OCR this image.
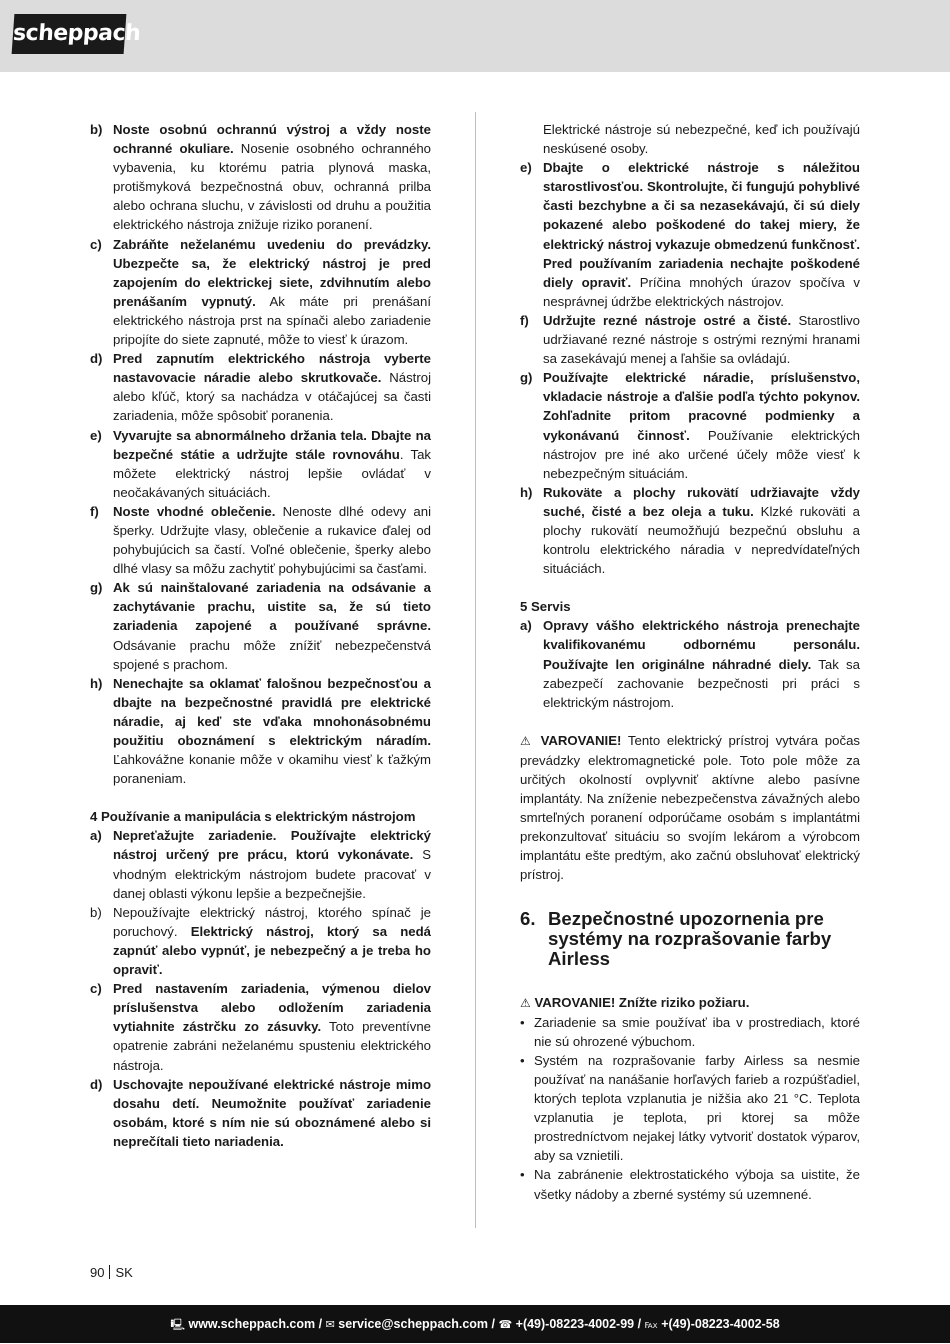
scheppach
b) Noste osobnú ochrannú výstroj a vždy noste ochranné okuliare. Nosenie osobného ochranného vybavenia, ku ktorému patria plynová maska, protišmyková bezpečnostná obuv, ochranná prilba alebo ochrana sluchu, v závislosti od druhu a použitia elektrického nástroja znižuje riziko poranení.
c) Zabráňte neželanému uvedeniu do prevádzky. Ubezpečte sa, že elektrický nástroj je pred zapojením do elektrickej siete, zdvihnutím alebo prenášaním vypnutý. Ak máte pri prenášaní elektrického nástroja prst na spínači alebo zariadenie pripojíte do siete zapnuté, môže to viesť k úrazom.
d) Pred zapnutím elektrického nástroja vyberte nastavovacie náradie alebo skrutkovače. Nástroj alebo kľúč, ktorý sa nachádza v otáčajúcej sa časti zariadenia, môže spôsobiť poranenia.
e) Vyvarujte sa abnormálneho držania tela. Dbajte na bezpečné státie a udržujte stále rovnováhu. Tak môžete elektrický nástroj lepšie ovládať v neočakávaných situáciách.
f) Noste vhodné oblečenie. Nenoste dlhé odevy ani šperky. Udržujte vlasy, oblečenie a rukavice ďalej od pohybujúcich sa častí. Voľné oblečenie, šperky alebo dlhé vlasy sa môžu zachytiť pohybujúcimi sa časťami.
g) Ak sú nainštalované zariadenia na odsávanie a zachytávanie prachu, uistite sa, že sú tieto zariadenia zapojené a používané správne. Odsávanie prachu môže znížiť nebezpečenstvá spojené s prachom.
h) Nenechajte sa oklamať falošnou bezpečnosťou a dbajte na bezpečnostné pravidlá pre elektrické náradie, aj keď ste vďaka mnohonásobnému použitiu oboznámení s elektrickým náradím. Ľahkovážne konanie môže v okamihu viesť k ťažkým poraneniam.
4 Používanie a manipulácia s elektrickým nástrojom
a) Nepreťažujte zariadenie. Používajte elektrický nástroj určený pre prácu, ktorú vykonávate. S vhodným elektrickým nástrojom budete pracovať v danej oblasti výkonu lepšie a bezpečnejšie.
b) Nepoužívajte elektrický nástroj, ktorého spínač je poruchový. Elektrický nástroj, ktorý sa nedá zapnúť alebo vypnúť, je nebezpečný a je treba ho opraviť.
c) Pred nastavením zariadenia, výmenou dielov príslušenstva alebo odložením zariadenia vytiahnite zástrčku zo zásuvky. Toto preventívne opatrenie zabráni neželanému spusteniu elektrického nástroja.
d) Uschovajte nepoužívané elektrické nástroje mimo dosahu detí. Neumožnite používať zariadenie osobám, ktoré s ním nie sú oboznámené alebo si neprečítali tieto nariadenia.
Elektrické nástroje sú nebezpečné, keď ich používajú neskúsené osoby.
e) Dbajte o elektrické nástroje s náležitou starostlivosťou. Skontrolujte, či fungujú pohyblivé časti bezchybne a či sa nezasekávajú, či sú diely pokazené alebo poškodené do takej miery, že elektrický nástroj vykazuje obmedzenú funkčnosť. Pred používaním zariadenia nechajte poškodené diely opraviť. Príčina mnohých úrazov spočíva v nesprávnej údržbe elektrických nástrojov.
f) Udržujte rezné nástroje ostré a čisté. Starostlivo udržiavané rezné nástroje s ostrými reznými hranami sa zasekávajú menej a ľahšie sa ovládajú.
g) Používajte elektrické náradie, príslušenstvo, vkladacie nástroje a ďalšie podľa týchto pokynov. Zohľadnite pritom pracovné podmienky a vykonávanú činnosť. Používanie elektrických nástrojov pre iné ako určené účely môže viesť k nebezpečným situáciám.
h) Rukoväte a plochy rukovätí udržiavajte vždy suché, čisté a bez oleja a tuku. Klzké rukoväti a plochy rukovätí neumožňujú bezpečnú obsluhu a kontrolu elektrického náradia v nepredvídateľných situáciách.
5 Servis
a) Opravy vášho elektrického nástroja prenechajte kvalifikovanému odbornému personálu. Používajte len originálne náhradné diely. Tak sa zabezpečí zachovanie bezpečnosti pri práci s elektrickým nástrojom.

⚠ VAROVANIE! Tento elektrický prístroj vytvára počas prevádzky elektromagnetické pole. Toto pole môže za určitých okolností ovplyvniť aktívne alebo pasívne implantáty. Na zníženie nebezpečenstva závažných alebo smrteľných poranení odporúčame osobám s implantátmi prekonzultovať situáciu so svojím lekárom a výrobcom implantátu ešte predtým, ako začnú obsluhovať elektrický prístroj.

6. Bezpečnostné upozornenia pre systémy na rozprašovanie farby Airless
⚠ VAROVANIE! Znížte riziko požiaru.
• Zariadenie sa smie používať iba v prostrediach, ktoré nie sú ohrozené výbuchom.
• Systém na rozprašovanie farby Airless sa nesmie používať na nanášanie horľavých farieb a rozpúšťadiel, ktorých teplota vzplanutia je nižšia ako 21 °C. Teplota vzplanutia je teplota, pri ktorej sa môže prostredníctvom nejakej látky vytvoriť dostatok výparov, aby sa vznietili.
• Na zabránenie elektrostatického výboja sa uistite, že všetky nádoby a zberné systémy sú uzemnené.
90 SK
🖳 www.scheppach.com / ✉ service@scheppach.com / ☎ +(49)-08223-4002-99 / ℻ +(49)-08223-4002-58
